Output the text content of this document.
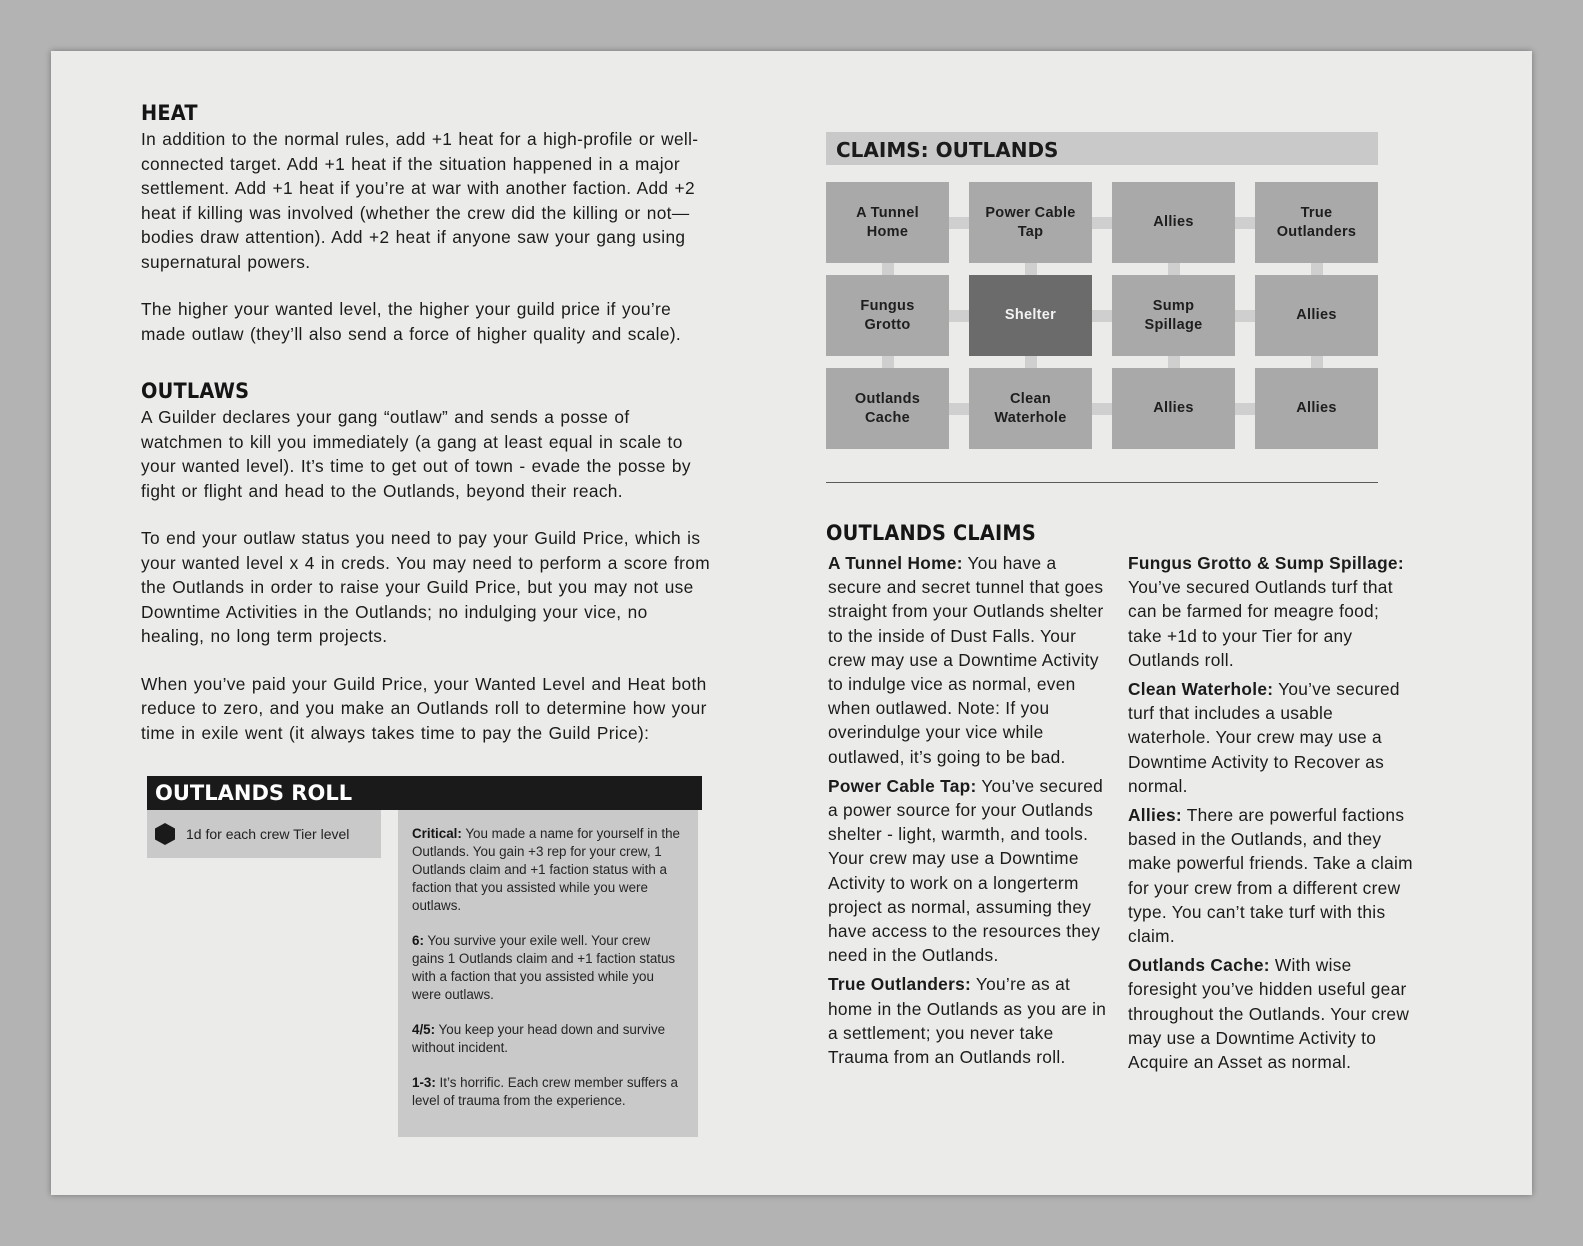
HEAT

In addition to the normal rules, add +1 heat for a high-profile or well-connected target. Add +1 heat if the situation happened in a major settlement. Add +1 heat if you’re at war with another faction. Add +2 heat if killing was involved (whether the crew did the killing or not—bodies draw attention). Add +2 heat if anyone saw your gang using supernatural powers.

The higher your wanted level, the higher your guild price if you’re made outlaw (they’ll also send a force of higher quality and scale).

OUTLAWS

A Guilder declares your gang “outlaw” and sends a posse of watchmen to kill you immediately (a gang at least equal in scale to your wanted level). It’s time to get out of town - evade the posse by fight or flight and head to the Outlands, beyond their reach.

To end your outlaw status you need to pay your Guild Price, which is your wanted level x 4 in creds. You may need to perform a score from the Outlands in order to raise your Guild Price, but you may not use Downtime Activities in the Outlands; no indulging your vice, no healing, no long term projects.

When you’ve paid your Guild Price, your Wanted Level and Heat both reduce to zero, and you make an Outlands roll to determine how your time in exile went (it always takes time to pay the Guild Price):

OUTLANDS ROLL
1d for each crew Tier level	Critical: You made a name for yourself in the Outlands. You gain +3 rep for your crew, 1 Outlands claim and +1 faction status with a faction that you assisted while you were outlaws.

6: You survive your exile well. Your crew gains 1 Outlands claim and +1 faction status with a faction that you assisted while you were outlaws.

4/5: You keep your head down and survive without incident.

1-3: It’s horrific. Each crew member suffers a level of trauma from the experience.

CLAIMS: OUTLANDS
A Tunnel
Home
Power Cable
Tap
Allies
True
Outlanders
Fungus
Grotto
Shelter
Sump
Spillage
Allies
Outlands
Cache
Clean
Waterhole
Allies	Allies
OUTLANDS CLAIMS

A Tunnel Home: You have a secure and secret tunnel that goes straight from your Outlands shelter to the inside of Dust Falls. Your crew may use a Downtime Activity to indulge vice as normal, even when outlawed. Note: If you overindulge your vice while outlawed, it’s going to be bad.

Power Cable Tap: You’ve secured a power source for your Outlands shelter - light, warmth, and tools. Your crew may use a Downtime Activity to work on a longerterm project as normal, assuming they have access to the resources they need in the Outlands.

True Outlanders: You’re as at home in the Outlands as you are in a settlement; you never take Trauma from an Outlands roll.

Fungus Grotto & Sump Spillage: You’ve secured Outlands turf that can be farmed for meagre food; take +1d to your Tier for any Outlands roll.

Clean Waterhole: You’ve secured turf that includes a usable waterhole. Your crew may use a Downtime Activity to Recover as normal.

Allies: There are powerful factions based in the Outlands, and they make powerful friends. Take a claim for your crew from a different crew type. You can’t take turf with this claim.

Outlands Cache: With wise foresight you’ve hidden useful gear throughout the Outlands. Your crew may use a Downtime Activity to Acquire an Asset as normal.
